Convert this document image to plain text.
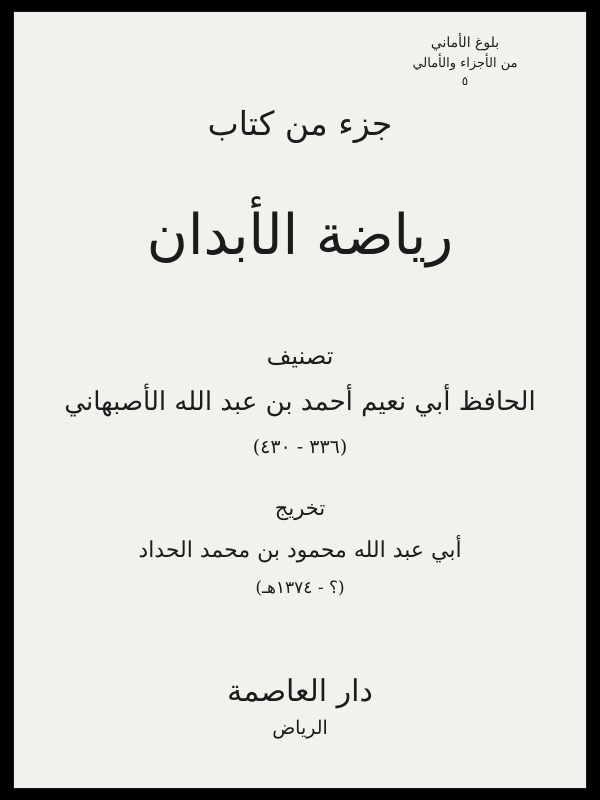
بلوغ الأماني
من الأجزاء والأمالي
٥
جزء من كتاب
رياضة الأبدان
تصنيف
الحافظ أبي نعيم أحمد بن عبد الله الأصبهاني
(٣٣٦ - ٤٣٠)
تخريج
أبي عبد الله محمود بن محمد الحداد
(؟ - ١٣٧٤هـ)
دار العاصمة
الرياض
